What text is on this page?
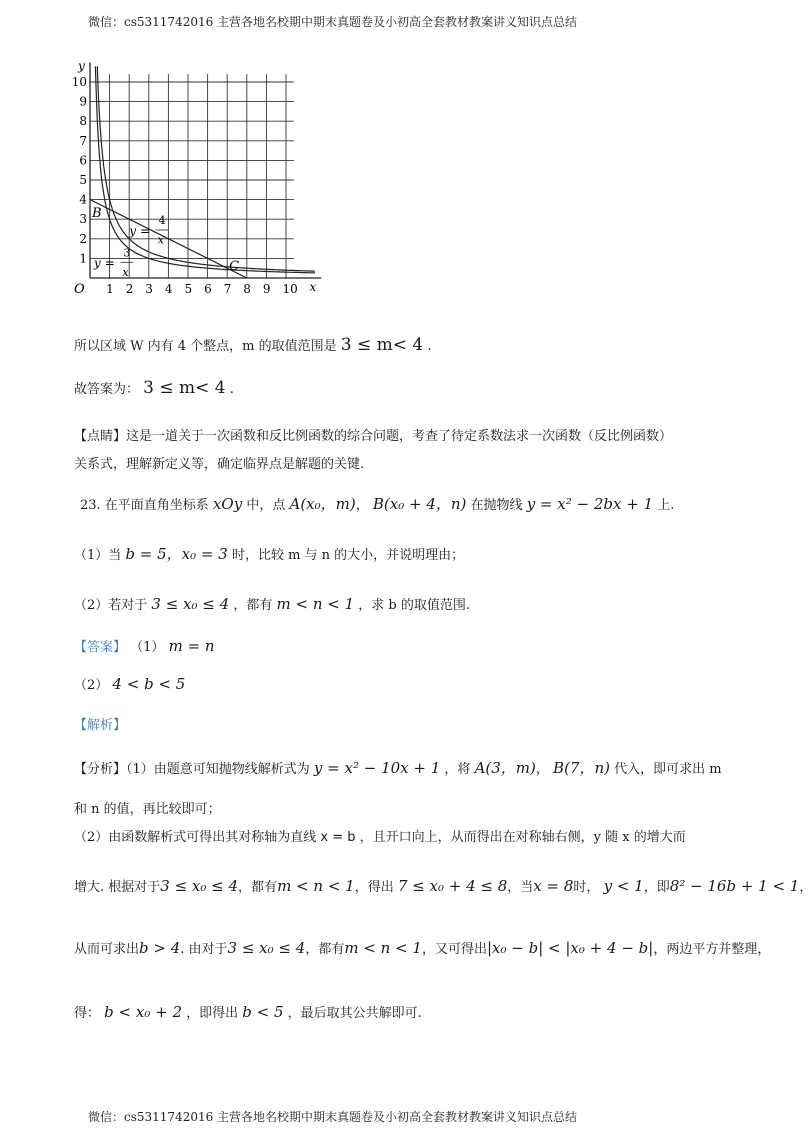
微信：cs5311742016 主营各地名校期中期末真题卷及小初高全套教材教案讲义知识点总结
1 2 3 4 5 6 7 8 9 10
1
2
3
4
5
6
7
8
9
10
y
x
O
B
C
y =
4
x
y =
3
x
所以区域 W 内有 4 个整点，m 的取值范围是 3 ≤ m< 4 .
故答案为： 3 ≤ m< 4 .
【点睛】这是一道关于一次函数和反比例函数的综合问题，考查了待定系数法求一次函数（反比例函数）
关系式，理解新定义等，确定临界点是解题的关键.
23. 在平面直角坐标系 xOy 中，点 A(x₀，m)， B(x₀ + 4，n) 在抛物线 y = x² − 2bx + 1 上.
（1）当 b = 5，x₀ = 3 时，比较 m 与 n 的大小，并说明理由；
（2）若对于 3 ≤ x₀ ≤ 4 ，都有 m < n < 1 ，求 b 的取值范围.
【答案】 （1） m = n
（2） 4 < b < 5
【解析】
【分析】（1）由题意可知抛物线解析式为 y = x² − 10x + 1 ，将 A(3，m)， B(7，n) 代入，即可求出 m
和 n 的值，再比较即可；
（2）由函数解析式可得出其对称轴为直线 x = b ，且开口向上，从而得出在对称轴右侧，y 随 x 的增大而
增大. 根据对于3 ≤ x₀ ≤ 4，都有m < n < 1，得出 7 ≤ x₀ + 4 ≤ 8，当x = 8时， y < 1，即8² − 16b + 1 < 1，
从而可求出b > 4. 由对于3 ≤ x₀ ≤ 4，都有m < n < 1，又可得出|x₀ − b| < |x₀ + 4 − b|，两边平方并整理，
得： b < x₀ + 2 ，即得出 b < 5 ，最后取其公共解即可.
微信：cs5311742016 主营各地名校期中期末真题卷及小初高全套教材教案讲义知识点总结
